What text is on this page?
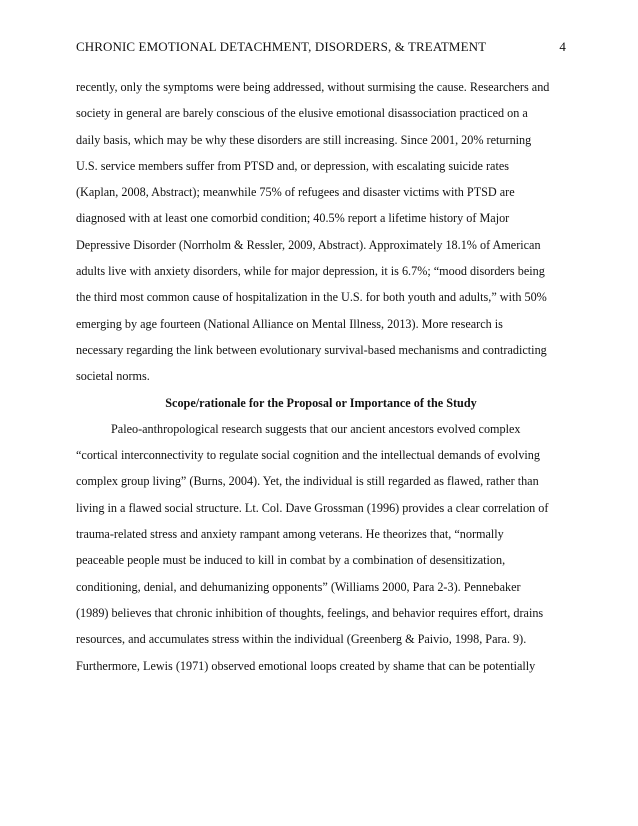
CHRONIC EMOTIONAL DETACHMENT, DISORDERS, & TREATMENT	4
recently, only the symptoms were being addressed, without surmising the cause. Researchers and
society in general are barely conscious of the elusive emotional disassociation practiced on a
daily basis, which may be why these disorders are still increasing. Since 2001, 20% returning
U.S. service members suffer from PTSD and, or depression, with escalating suicide rates
(Kaplan, 2008, Abstract); meanwhile 75% of refugees and disaster victims with PTSD are
diagnosed with at least one comorbid condition; 40.5% report a lifetime history of Major
Depressive Disorder (Norrholm & Ressler, 2009, Abstract). Approximately 18.1% of American
adults live with anxiety disorders, while for major depression, it is 6.7%; “mood disorders being
the third most common cause of hospitalization in the U.S. for both youth and adults,” with 50%
emerging by age fourteen (National Alliance on Mental Illness, 2013). More research is
necessary regarding the link between evolutionary survival-based mechanisms and contradicting
societal norms.
Scope/rationale for the Proposal or Importance of the Study
Paleo-anthropological research suggests that our ancient ancestors evolved complex
“cortical interconnectivity to regulate social cognition and the intellectual demands of evolving
complex group living” (Burns, 2004). Yet, the individual is still regarded as flawed, rather than
living in a flawed social structure. Lt. Col. Dave Grossman (1996) provides a clear correlation of
trauma-related stress and anxiety rampant among veterans. He theorizes that, “normally
peaceable people must be induced to kill in combat by a combination of desensitization,
conditioning, denial, and dehumanizing opponents” (Williams 2000, Para 2-3). Pennebaker
(1989) believes that chronic inhibition of thoughts, feelings, and behavior requires effort, drains
resources, and accumulates stress within the individual (Greenberg & Paivio, 1998, Para. 9).
Furthermore, Lewis (1971) observed emotional loops created by shame that can be potentially
